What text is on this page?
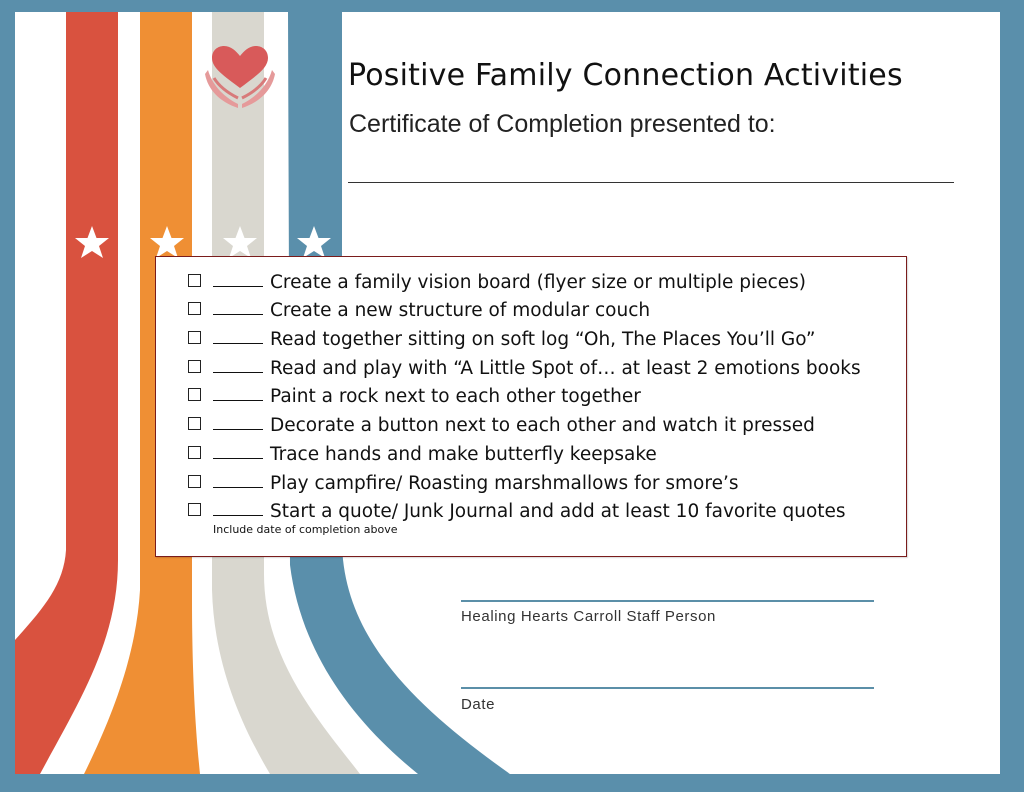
Positive Family Connection Activities
Certificate of Completion presented to:
Create a family vision board (flyer size or multiple pieces)
Create a new structure of modular couch
Read together sitting on soft log “Oh, The Places You’ll Go”
Read and play with “A Little Spot of… at least 2 emotions books
Paint a rock next to each other together
Decorate a button next to each other and watch it pressed
Trace hands and make butterfly keepsake
Play campfire/ Roasting marshmallows for smore’s
Start a quote/ Junk Journal and add at least 10 favorite quotes
Include date of completion above
Healing Hearts Carroll Staff Person
Date
